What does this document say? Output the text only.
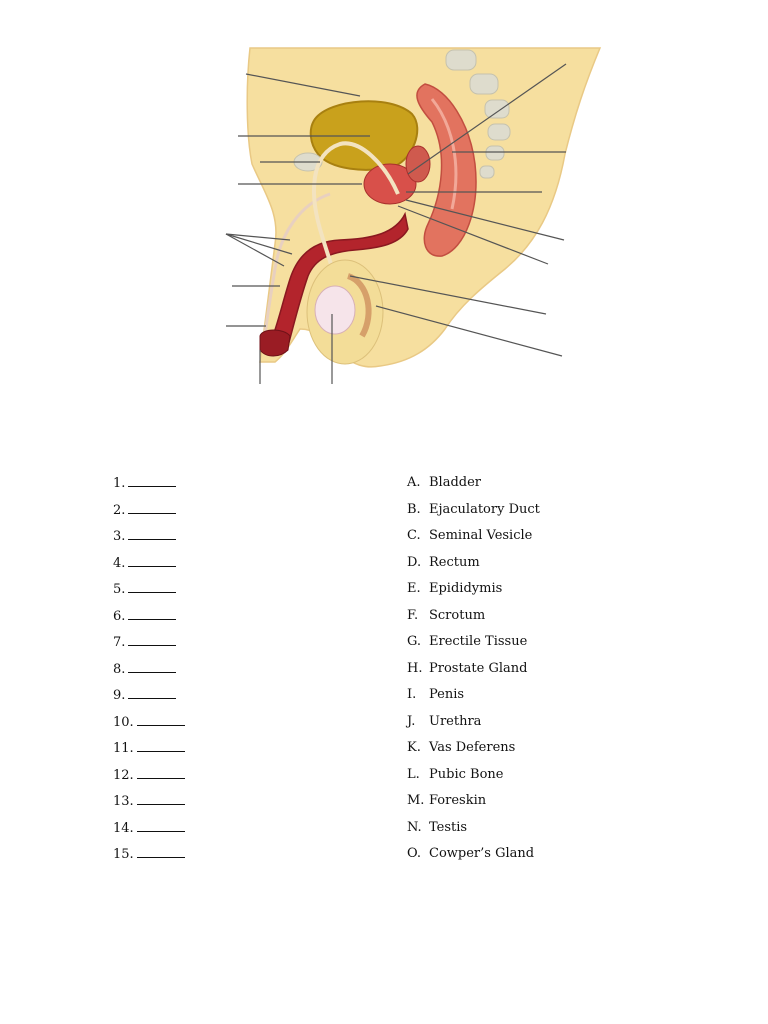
1.
2.
3.
4.
5.
6.
7.
8.
9.
10.
11.
12.
13.
14.
15.
A.Bladder
B. Ejaculatory Duct
C. Seminal Vesicle
D. Rectum
E. Epididymis
F. Scrotum
G. Erectile Tissue
H. Prostate Gland
I. Penis
J. Urethra
K. Vas Deferens
L. Pubic Bone
M. Foreskin
N. Testis
O. Cowper’s Gland
